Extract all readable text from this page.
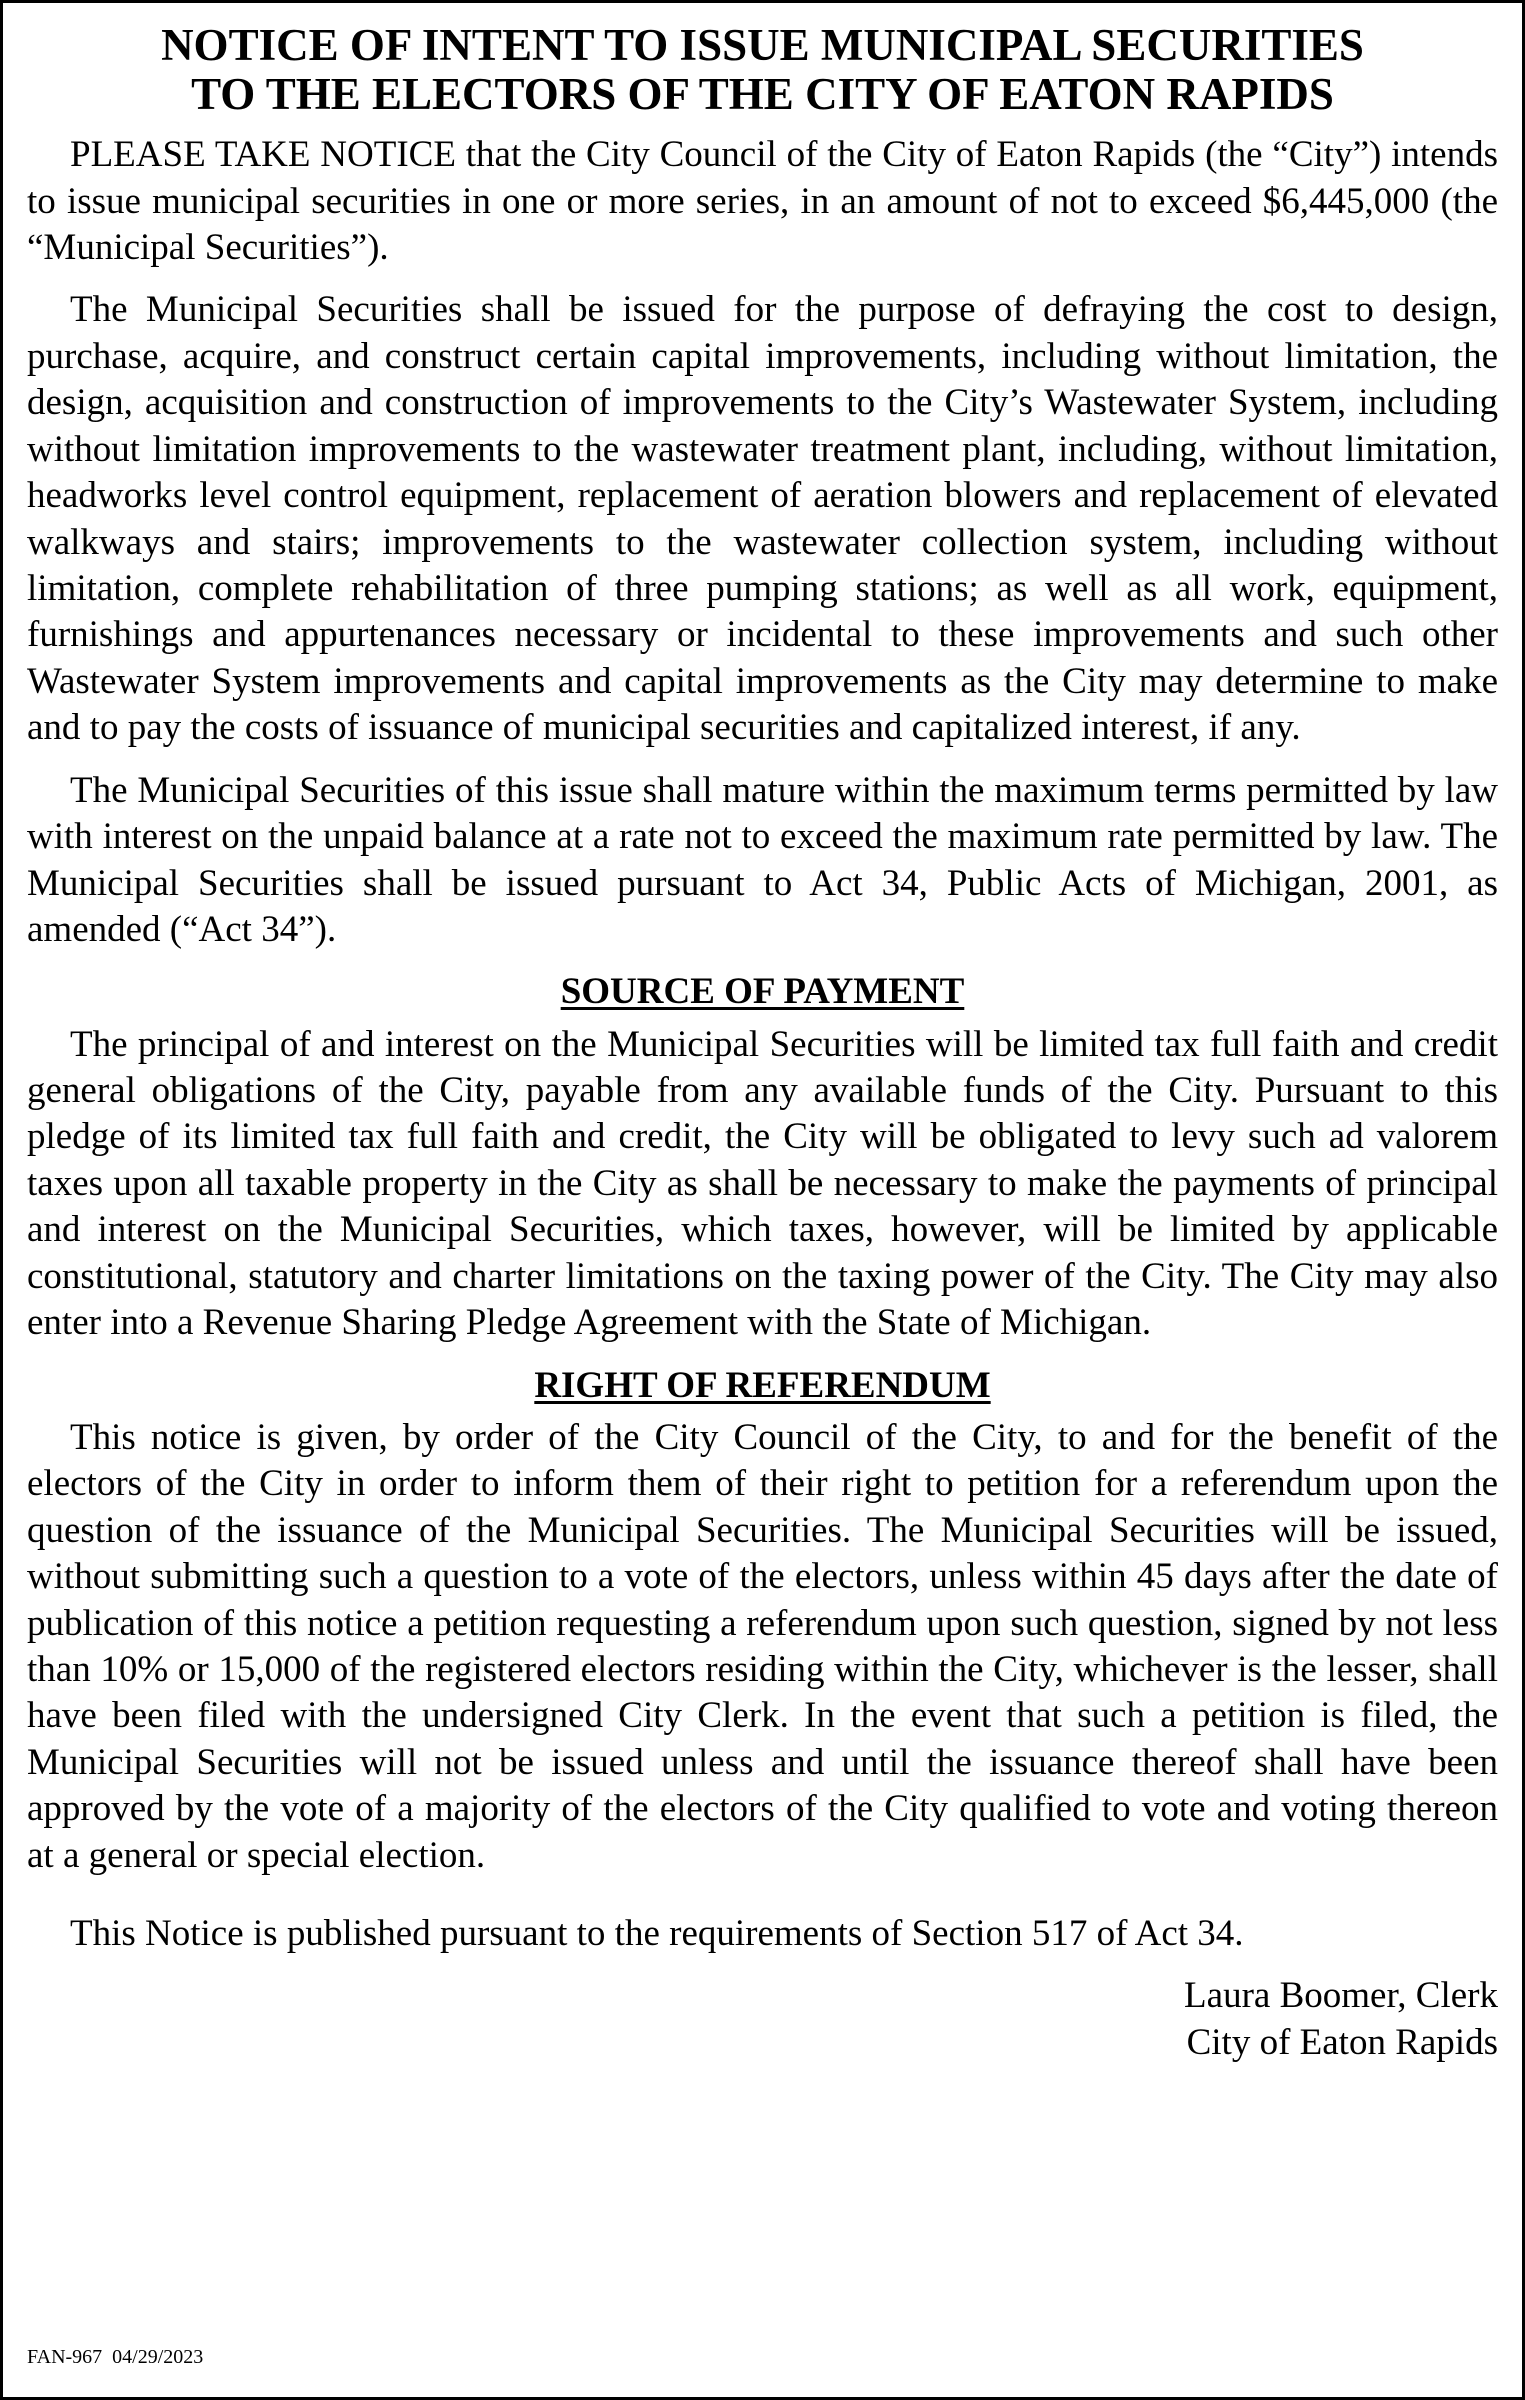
NOTICE OF INTENT TO ISSUE MUNICIPAL SECURITIES
TO THE ELECTORS OF THE CITY OF EATON RAPIDS

PLEASE TAKE NOTICE that the City Council of the City of Eaton Rapids (the “City”) intends to issue municipal securities in one or more series, in an amount of not to exceed $6,445,000 (the “Municipal Securities”).

The Municipal Securities shall be issued for the purpose of defraying the cost to design, purchase, acquire, and construct certain capital improvements, including without limitation, the design, acquisition and construction of improvements to the City’s Wastewater System, including without limitation improvements to the wastewater treatment plant, including, without limitation, headworks level control equipment, replacement of aeration blowers and replacement of elevated walkways and stairs; improvements to the wastewater collection system, including without limitation, complete rehabilitation of three pumping stations; as well as all work, equipment, furnishings and appurtenances necessary or incidental to these improvements and such other Wastewater System improvements and capital improvements as the City may determine to make and to pay the costs of issuance of municipal securities and capitalized interest, if any.

The Municipal Securities of this issue shall mature within the maximum terms permitted by law with interest on the unpaid balance at a rate not to exceed the maximum rate permitted by law. The Municipal Securities shall be issued pursuant to Act 34, Public Acts of Michigan, 2001, as amended (“Act 34”).

SOURCE OF PAYMENT

The principal of and interest on the Municipal Securities will be limited tax full faith and credit general obligations of the City, payable from any available funds of the City. Pursuant to this pledge of its limited tax full faith and credit, the City will be obligated to levy such ad valorem taxes upon all taxable property in the City as shall be necessary to make the payments of principal and interest on the Municipal Securities, which taxes, however, will be limited by applicable constitutional, statutory and charter limitations on the taxing power of the City. The City may also enter into a Revenue Sharing Pledge Agreement with the State of Michigan.

RIGHT OF REFERENDUM

This notice is given, by order of the City Council of the City, to and for the benefit of the electors of the City in order to inform them of their right to petition for a referendum upon the question of the issuance of the Municipal Securities. The Municipal Securities will be issued, without submitting such a question to a vote of the electors, unless within 45 days after the date of publication of this notice a petition requesting a referendum upon such question, signed by not less than 10% or 15,000 of the registered electors residing within the City, whichever is the lesser, shall have been filed with the undersigned City Clerk. In the event that such a petition is filed, the Municipal Securities will not be issued unless and until the issuance thereof shall have been approved by the vote of a majority of the electors of the City qualified to vote and voting thereon at a general or special election.

This Notice is published pursuant to the requirements of Section 517 of Act 34.

Laura Boomer, Clerk
City of Eaton Rapids
FAN-967  04/29/2023
